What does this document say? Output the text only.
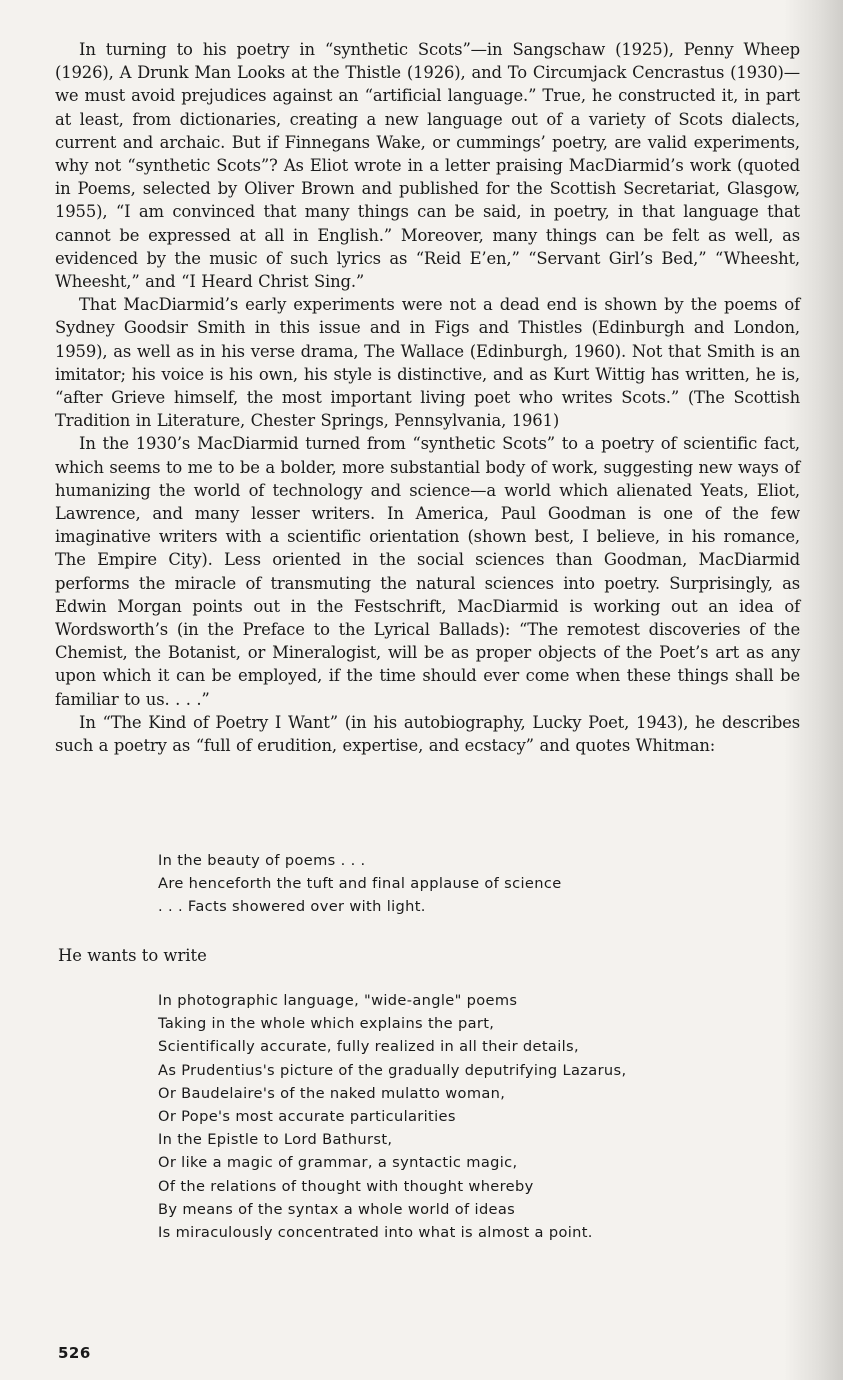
In turning to his poetry in “synthetic Scots”—in Sangschaw (1925), Penny Wheep (1926), A Drunk Man Looks at the Thistle (1926), and To Circumjack Cencrastus (1930)—we must avoid prejudices against an “artificial language.” True, he constructed it, in part at least, from dictionaries, creating a new language out of a variety of Scots dialects, current and archaic. But if Finnegans Wake, or cummings’ poetry, are valid experiments, why not “synthetic Scots”? As Eliot wrote in a letter praising MacDiarmid’s work (quoted in Poems, selected by Oliver Brown and published for the Scottish Secretariat, Glasgow, 1955), “I am convinced that many things can be said, in poetry, in that language that cannot be expressed at all in English.” Moreover, many things can be felt as well, as evidenced by the music of such lyrics as “Reid E’en,” “Servant Girl’s Bed,” “Wheesht, Wheesht,” and “I Heard Christ Sing.”

That MacDiarmid’s early experiments were not a dead end is shown by the poems of Sydney Goodsir Smith in this issue and in Figs and Thistles (Edinburgh and London, 1959), as well as in his verse drama, The Wallace (Edinburgh, 1960). Not that Smith is an imitator; his voice is his own, his style is distinctive, and as Kurt Wittig has written, he is, “after Grieve himself, the most important living poet who writes Scots.” (The Scottish Tradition in Literature, Chester Springs, Pennsylvania, 1961)

In the 1930’s MacDiarmid turned from “synthetic Scots” to a poetry of scientific fact, which seems to me to be a bolder, more substantial body of work, suggesting new ways of humanizing the world of technology and science—a world which alienated Yeats, Eliot, Lawrence, and many lesser writers. In America, Paul Goodman is one of the few imaginative writers with a scientific orientation (shown best, I believe, in his romance, The Empire City). Less oriented in the social sciences than Goodman, MacDiarmid performs the miracle of transmuting the natural sciences into poetry. Surprisingly, as Edwin Morgan points out in the Festschrift, MacDiarmid is working out an idea of Wordsworth’s (in the Preface to the Lyrical Ballads): “The remotest discoveries of the Chemist, the Botanist, or Mineralogist, will be as proper objects of the Poet’s art as any upon which it can be employed, if the time should ever come when these things shall be familiar to us. . . .”

In “The Kind of Poetry I Want” (in his autobiography, Lucky Poet, 1943), he describes such a poetry as “full of erudition, expertise, and ecstacy” and quotes Whitman:

In the beauty of poems . . .
Are henceforth the tuft and final applause of science
. . . Facts showered over with light.
He wants to write
In photographic language, "wide-angle" poems
Taking in the whole which explains the part,
Scientifically accurate, fully realized in all their details,
As Prudentius's picture of the gradually deputrifying Lazarus,
Or Baudelaire's of the naked mulatto woman,
Or Pope's most accurate particularities
In the Epistle to Lord Bathurst,
Or like a magic of grammar, a syntactic magic,
Of the relations of thought with thought whereby
By means of the syntax a whole world of ideas
Is miraculously concentrated into what is almost a point.
526
